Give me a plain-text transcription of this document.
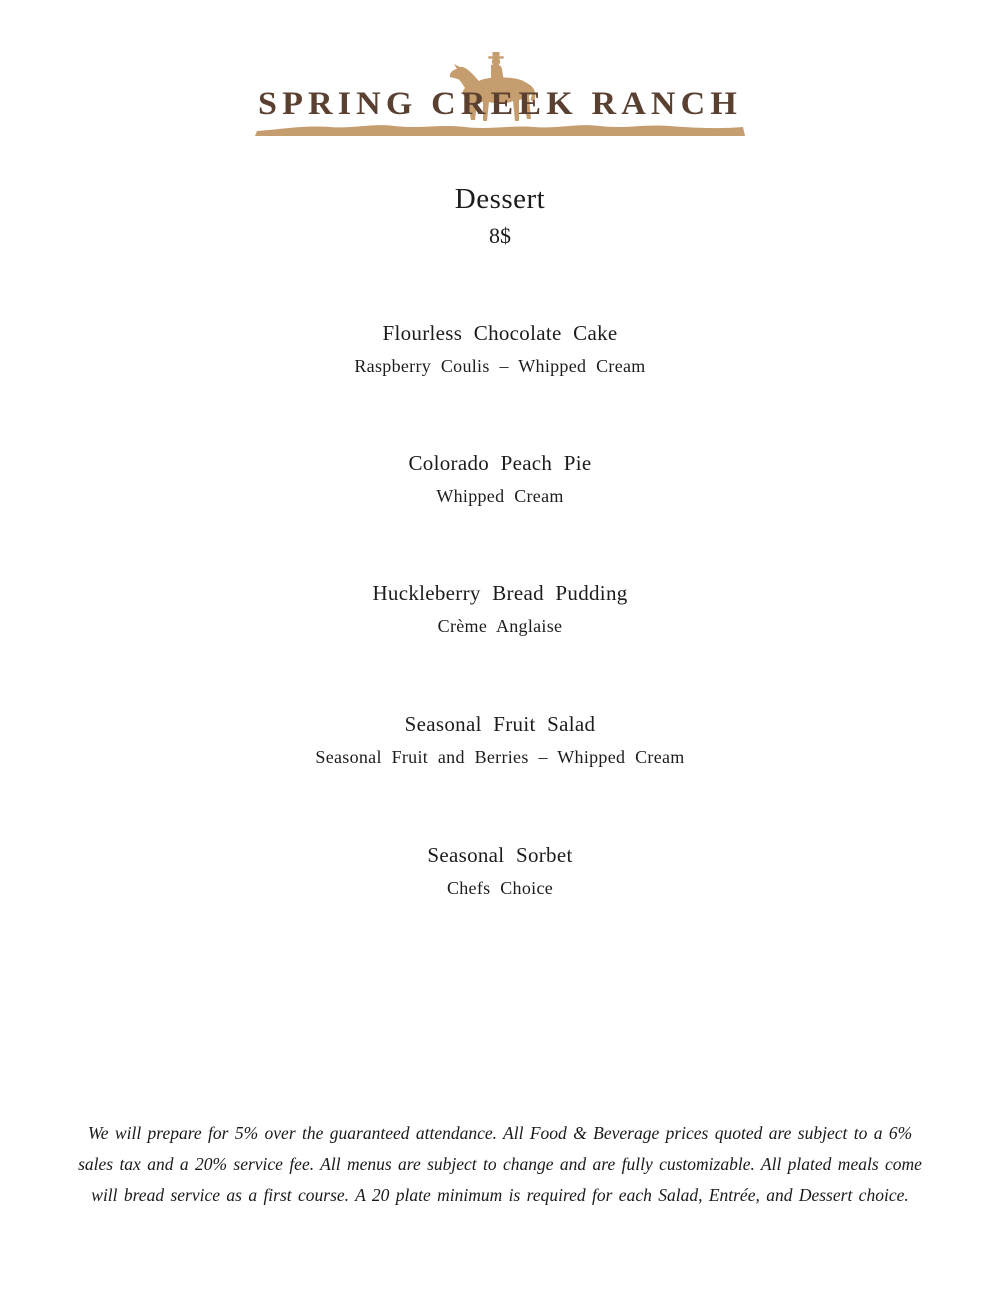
SPRING CREEK RANCH
Dessert
8$
Flourless Chocolate Cake
Raspberry Coulis – Whipped Cream
Colorado Peach Pie
Whipped Cream
Huckleberry Bread Pudding
Crème Anglaise
Seasonal Fruit Salad
Seasonal Fruit and Berries – Whipped Cream
Seasonal Sorbet
Chefs Choice
We will prepare for 5% over the guaranteed attendance. All Food & Beverage prices quoted are subject to a 6%
sales tax and a 20% service fee. All menus are subject to change and are fully customizable. All plated meals come
will bread service as a first course. A 20 plate minimum is required for each Salad, Entrée, and Dessert choice.
